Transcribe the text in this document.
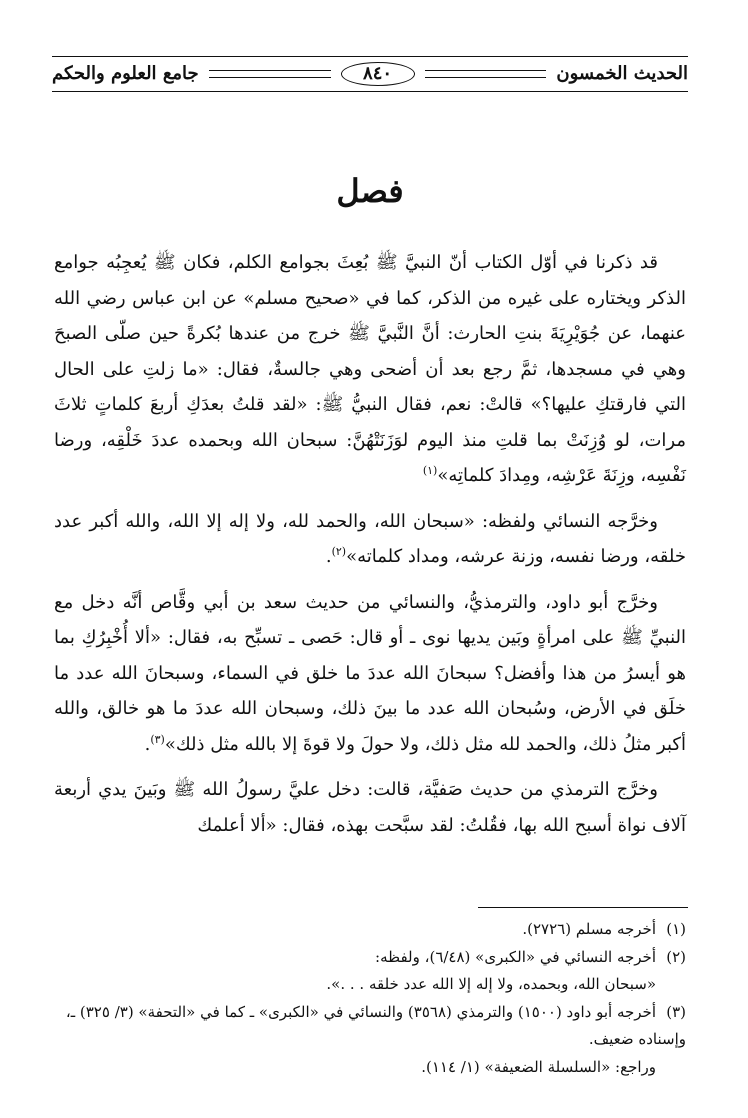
الحديث الخمسون
٨٤٠
جامع العلوم والحكم
فصل

قد ذكرنا في أوّل الكتاب أنّ النبيَّ ﷺ بُعِثَ بجوامع الكلم، فكان ﷺ يُعجِبُه جوامع الذكر ويختاره على غيره من الذكر، كما في «صحيح مسلم» عن ابن عباس رضي الله عنهما، عن جُوَيْرِيَةَ بنتِ الحارث: أنَّ النَّبيَّ ﷺ خرج من عندها بُكرةً حين صلّى الصبحَ وهي في مسجدها، ثمَّ رجع بعد أن أضحى وهي جالسةٌ، فقال: «ما زلتِ على الحال التي فارقتكِ عليها؟» قالتْ: نعم، فقال النبيُّ ﷺ: «لقد قلتُ بعدَكِ أربعَ كلماتٍ ثلاثَ مرات، لو وُزِنَتْ بما قلتِ منذ اليوم لوَزَنَتْهُنَّ: سبحان الله وبحمده عددَ خَلْقِه، ورضا نَفْسِه، وزِنَةَ عَرْشِه، ومِدادَ كلماتِه»$^{(١)}$

وخرَّجه النسائي ولفظه: «سبحان الله، والحمد لله، ولا إله إلا الله، والله أكبر عدد خلقه، ورضا نفسه، وزنة عرشه، ومداد كلماته»$^{(٢)}$.

وخرَّج أبو داود، والترمذيُّ، والنسائي من حديث سعد بن أبي وقَّاص أنَّه دخل مع النبيِّ ﷺ على امرأةٍ وبَين يديها نوى ـ أو قال: حَصى ـ تسبِّح به، فقال: «ألا أُخْبِرُكِ بما هو أيسرُ من هذا وأفضل؟ سبحانَ الله عددَ ما خلق في السماء، وسبحانَ الله عدد ما خلَق في الأرض، وسُبحان الله عدد ما بينَ ذلك، وسبحان الله عددَ ما هو خالق، والله أكبر مثلُ ذلك، والحمد لله مثل ذلك، ولا حولَ ولا قوةَ إلا بالله مثل ذلك»$^{(٣)}$.

وخرَّج الترمذي من حديث صَفيَّة، قالت: دخل عليَّ رسولُ الله ﷺ وبَينَ يدي أربعة آلاف نواة أسبح الله بها، فقُلتُ: لقد سبَّحت بهذه، فقال: «ألا أعلمك

(١)أخرجه مسلم (٢٧٢٦).
(٢)أخرجه النسائي في «الكبرى» (٦/٤٨)، ولفظه:
«سبحان الله، وبحمده، ولا إله إلا الله عدد خلقه . . .».
(٣)أخرجه أبو داود (١٥٠٠) والترمذي (٣٥٦٨) والنسائي في «الكبرى» ـ كما في «التحفة» (٣/ ٣٢٥) ـ، وإسناده ضعيف.
وراجع: «السلسلة الضعيفة» (١/ ١١٤).
